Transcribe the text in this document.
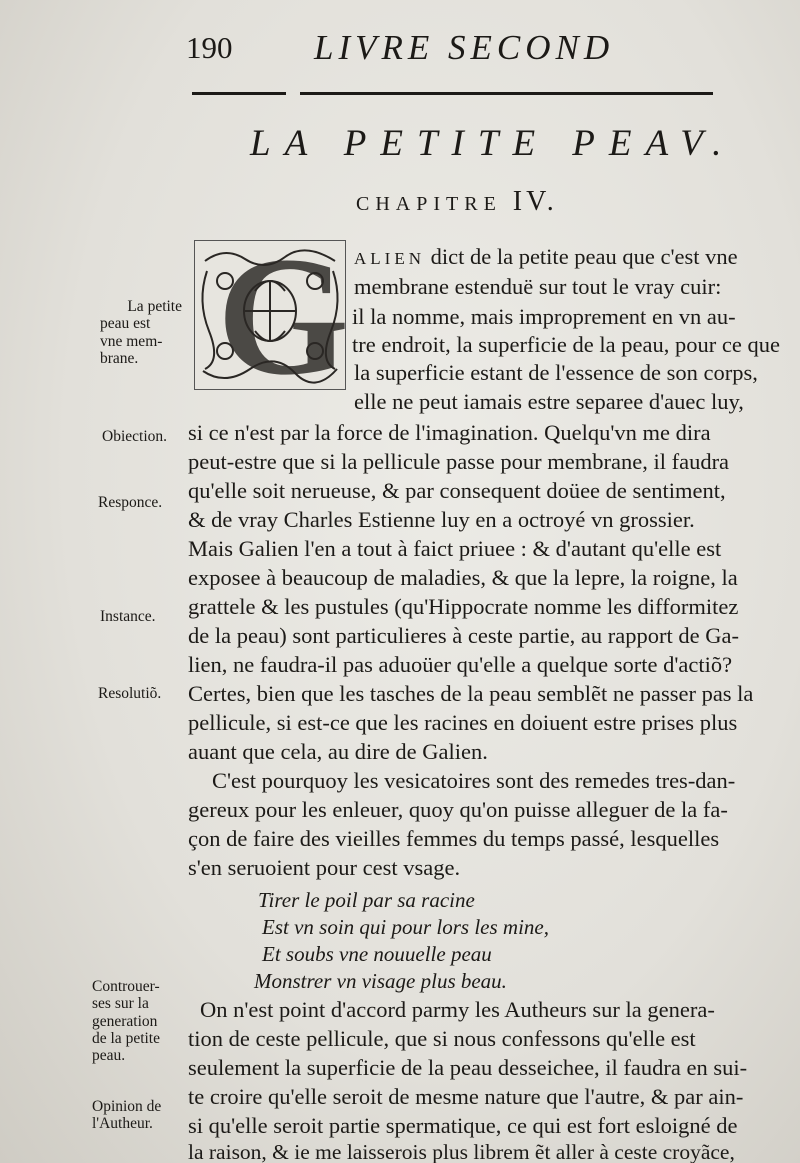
190 LIVRE SECOND
LA PETITE PEAV.
CHAPITRE IV.
G ALIEN dict de la petite peau que c'est vne
membrane estenduë sur tout le vray cuir:
il la nomme, mais improprement en vn au-
tre endroit, la superficie de la peau, pour ce que
la superficie estant de l'essence de son corps,
elle ne peut iamais estre separee d'auec luy,
si ce n'est par la force de l'imagination. Quelqu'vn me dira
peut-estre que si la pellicule passe pour membrane, il faudra
qu'elle soit nerueuse, & par consequent doüee de sentiment,
& de vray Charles Estienne luy en a octroyé vn grossier.
Mais Galien l'en a tout à faict priuee : & d'autant qu'elle est
exposee à beaucoup de maladies, & que la lepre, la roigne, la
grattele & les pustules (qu'Hippocrate nomme les difformitez
de la peau) sont particulieres à ceste partie, au rapport de Ga-
lien, ne faudra-il pas aduoüer qu'elle a quelque sorte d'actiõ?
Certes, bien que les tasches de la peau semblẽt ne passer pas la
pellicule, si est-ce que les racines en doiuent estre prises plus
auant que cela, au dire de Galien.
C'est pourquoy les vesicatoires sont des remedes tres-dan-
gereux pour les enleuer, quoy qu'on puisse alleguer de la fa-
çon de faire des vieilles femmes du temps passé, lesquelles
s'en seruoient pour cest vsage.
Tirer le poil par sa racine
Est vn soin qui pour lors les mine,
Et soubs vne nouuelle peau
Monstrer vn visage plus beau.
On n'est point d'accord parmy les Autheurs sur la genera-
tion de ceste pellicule, que si nous confessons qu'elle est
seulement la superficie de la peau desseichee, il faudra en sui-
te croire qu'elle seroit de mesme nature que l'autre, & par ain-
si qu'elle seroit partie spermatique, ce qui est fort esloigné de
la raison, & ie me laisserois plus librem ẽt aller à ceste croyãce,
La petite
peau est
vne mem-
brane.
Obiection.
Responce.
Instance.
Resolutiõ.
Controuer-
ses sur la
generation
de la petite
peau.
Opinion de
l'Autheur.
